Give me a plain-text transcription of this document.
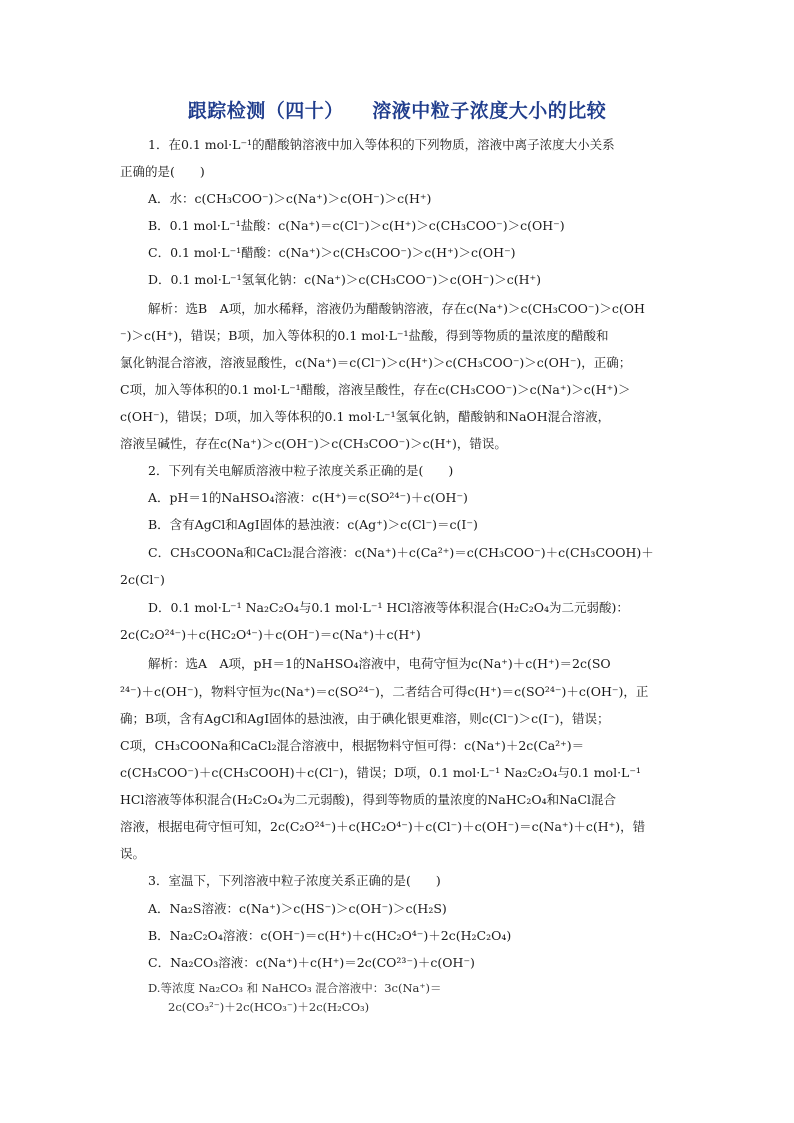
跟踪检测（四十）    溶液中粒子浓度大小的比较
1．在0.1 mol·L⁻¹的醋酸钠溶液中加入等体积的下列物质，溶液中离子浓度大小关系
正确的是(　　)
A．水：c(CH₃COO⁻)＞c(Na⁺)＞c(OH⁻)＞c(H⁺)
B．0.1 mol·L⁻¹盐酸：c(Na⁺)＝c(Cl⁻)＞c(H⁺)＞c(CH₃COO⁻)＞c(OH⁻)
C．0.1 mol·L⁻¹醋酸：c(Na⁺)＞c(CH₃COO⁻)＞c(H⁺)＞c(OH⁻)
D．0.1 mol·L⁻¹氢氧化钠：c(Na⁺)＞c(CH₃COO⁻)＞c(OH⁻)＞c(H⁺)
解析：选B　A项，加水稀释，溶液仍为醋酸钠溶液，存在c(Na⁺)＞c(CH₃COO⁻)＞c(OH
⁻)＞c(H⁺)，错误；B项，加入等体积的0.1 mol·L⁻¹盐酸，得到等物质的量浓度的醋酸和
氯化钠混合溶液，溶液显酸性，c(Na⁺)＝c(Cl⁻)＞c(H⁺)＞c(CH₃COO⁻)＞c(OH⁻)，正确；
C项，加入等体积的0.1 mol·L⁻¹醋酸，溶液呈酸性，存在c(CH₃COO⁻)＞c(Na⁺)＞c(H⁺)＞
c(OH⁻)，错误；D项，加入等体积的0.1 mol·L⁻¹氢氧化钠，醋酸钠和NaOH混合溶液，
溶液呈碱性，存在c(Na⁺)＞c(OH⁻)＞c(CH₃COO⁻)＞c(H⁺)，错误。
2．下列有关电解质溶液中粒子浓度关系正确的是(　　)
A．pH＝1的NaHSO₄溶液：c(H⁺)＝c(SO²⁴⁻)＋c(OH⁻)
B．含有AgCl和AgI固体的悬浊液：c(Ag⁺)＞c(Cl⁻)＝c(I⁻)
C．CH₃COONa和CaCl₂混合溶液：c(Na⁺)＋c(Ca²⁺)＝c(CH₃COO⁻)＋c(CH₃COOH)＋
2c(Cl⁻)
D．0.1 mol·L⁻¹ Na₂C₂O₄与0.1 mol·L⁻¹ HCl溶液等体积混合(H₂C₂O₄为二元弱酸)：
2c(C₂O²⁴⁻)＋c(HC₂O⁴⁻)＋c(OH⁻)＝c(Na⁺)＋c(H⁺)
解析：选A　A项，pH＝1的NaHSO₄溶液中，电荷守恒为c(Na⁺)＋c(H⁺)＝2c(SO
²⁴⁻)＋c(OH⁻)，物料守恒为c(Na⁺)＝c(SO²⁴⁻)，二者结合可得c(H⁺)＝c(SO²⁴⁻)＋c(OH⁻)，正
确；B项，含有AgCl和AgI固体的悬浊液，由于碘化银更难溶，则c(Cl⁻)＞c(I⁻)，错误；
C项，CH₃COONa和CaCl₂混合溶液中，根据物料守恒可得：c(Na⁺)＋2c(Ca²⁺)＝
c(CH₃COO⁻)＋c(CH₃COOH)＋c(Cl⁻)，错误；D项，0.1 mol·L⁻¹ Na₂C₂O₄与0.1 mol·L⁻¹
HCl溶液等体积混合(H₂C₂O₄为二元弱酸)，得到等物质的量浓度的NaHC₂O₄和NaCl混合
溶液，根据电荷守恒可知，2c(C₂O²⁴⁻)＋c(HC₂O⁴⁻)＋c(Cl⁻)＋c(OH⁻)＝c(Na⁺)＋c(H⁺)，错
误。
3．室温下，下列溶液中粒子浓度关系正确的是(　　)
A．Na₂S溶液：c(Na⁺)＞c(HS⁻)＞c(OH⁻)＞c(H₂S)
B．Na₂C₂O₄溶液：c(OH⁻)＝c(H⁺)＋c(HC₂O⁴⁻)＋2c(H₂C₂O₄)
C．Na₂CO₃溶液：c(Na⁺)＋c(H⁺)＝2c(CO²³⁻)＋c(OH⁻)
D.等浓度 Na₂CO₃ 和 NaHCO₃ 混合溶液中：3c(Na⁺)＝
2c(CO₃²⁻)＋2c(HCO₃⁻)＋2c(H₂CO₃)
